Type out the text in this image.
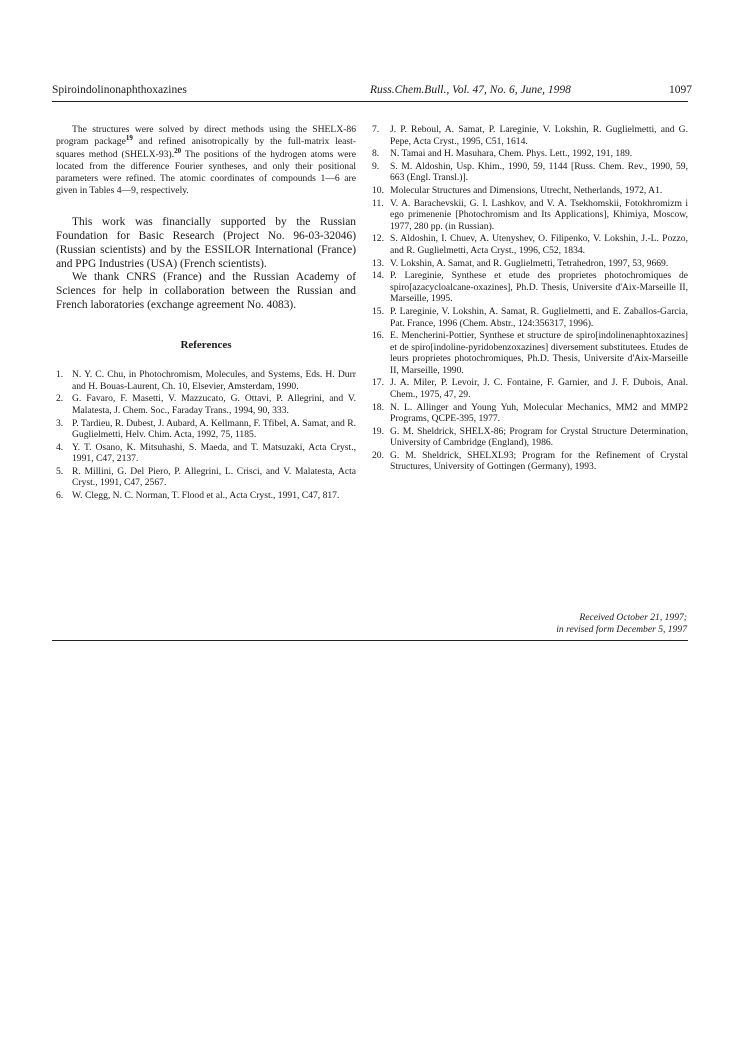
Spiroindolinonaphthoxazines	Russ.Chem.Bull., Vol. 47, No. 6, June, 1998	1097

The structures were solved by direct methods using the SHELX-86 program package$^{19}$ and refined anisotropically by the full-matrix least-squares method (SHELX-93).$^{20}$ The positions of the hydrogen atoms were located from the difference Fourier syntheses, and only their positional parameters were refined. The atomic coordinates of compounds 1—6 are given in Tables 4—9, respectively.

This work was financially supported by the Russian Foundation for Basic Research (Project No. 96-03-32046) (Russian scientists) and by the ESSILOR International (France) and PPG Industries (USA) (French scientists).

We thank CNRS (France) and the Russian Academy of Sciences for help in collaboration between the Russian and French laboratories (exchange agreement No. 4083).

References
1. N. Y. C. Chu, in Photochromism, Molecules, and Systems, Eds. H. Durr and H. Bouas-Laurent, Ch. 10, Elsevier, Amsterdam, 1990.
2. G. Favaro, F. Masetti, V. Mazzucato, G. Ottavi, P. Allegrini, and V. Malatesta, J. Chem. Soc., Faraday Trans., 1994, 90, 333.
3. P. Tardieu, R. Dubest, J. Aubard, A. Kellmann, F. Tfibel, A. Samat, and R. Guglielmetti, Helv. Chim. Acta, 1992, 75, 1185.
4. Y. T. Osano, K. Mitsuhashi, S. Maeda, and T. Matsuzaki, Acta Cryst., 1991, C47, 2137.
5. R. Millini, G. Del Piero, P. Allegrini, L. Crisci, and V. Malatesta, Acta Cryst., 1991, C47, 2567.
6. W. Clegg, N. C. Norman, T. Flood et al., Acta Cryst., 1991, C47, 817.
7. J. P. Reboul, A. Samat, P. Lareginie, V. Lokshin, R. Guglielmetti, and G. Pepe, Acta Cryst., 1995, C51, 1614.
8. N. Tamai and H. Masuhara, Chem. Phys. Lett., 1992, 191, 189.
9. S. M. Aldoshin, Usp. Khim., 1990, 59, 1144 [Russ. Chem. Rev., 1990, 59, 663 (Engl. Transl.)].
10. Molecular Structures and Dimensions, Utrecht, Netherlands, 1972, A1.
11. V. A. Barachevskii, G. I. Lashkov, and V. A. Tsekhomskii, Fotokhromizm i ego primenenie [Photochromism and Its Applications], Khimiya, Moscow, 1977, 280 pp. (in Russian).
12. S. Aldoshin, I. Chuev, A. Utenyshev, O. Filipenko, V. Lokshin, J.-L. Pozzo, and R. Guglielmetti, Acta Cryst., 1996, C52, 1834.
13. V. Lokshin, A. Samat, and R. Guglielmetti, Tetrahedron, 1997, 53, 9669.
14. P. Lareginie, Synthese et etude des proprietes photochromiques de spiro[azacycloalcane-oxazines], Ph.D. Thesis, Universite d'Aix-Marseille II, Marseille, 1995.
15. P. Lareginie, V. Lokshin, A. Samat, R. Guglielmetti, and E. Zaballos-Garcia, Pat. France, 1996 (Chem. Abstr., 124:356317, 1996).
16. E. Mencherini-Pottier, Synthese et structure de spiro[indolinenaphtoxazines] et de spiro[indoline-pyridobenzoxazines] diversement substitutees. Etudes de leurs proprietes photochromiques, Ph.D. Thesis, Universite d'Aix-Marseille II, Marseille, 1990.
17. J. A. Miler, P. Levoir, J. C. Fontaine, F. Garnier, and J. F. Dubois, Anal. Chem., 1975, 47, 29.
18. N. L. Allinger and Young Yuh, Molecular Mechanics, MM2 and MMP2 Programs, QCPE-395, 1977.
19. G. M. Sheldrick, SHELX-86; Program for Crystal Structure Determination, University of Cambridge (England), 1986.
20. G. M. Sheldrick, SHELXL93; Program for the Refinement of Crystal Structures, University of Gottingen (Germany), 1993.
Received October 21, 1997;
in revised form December 5, 1997
